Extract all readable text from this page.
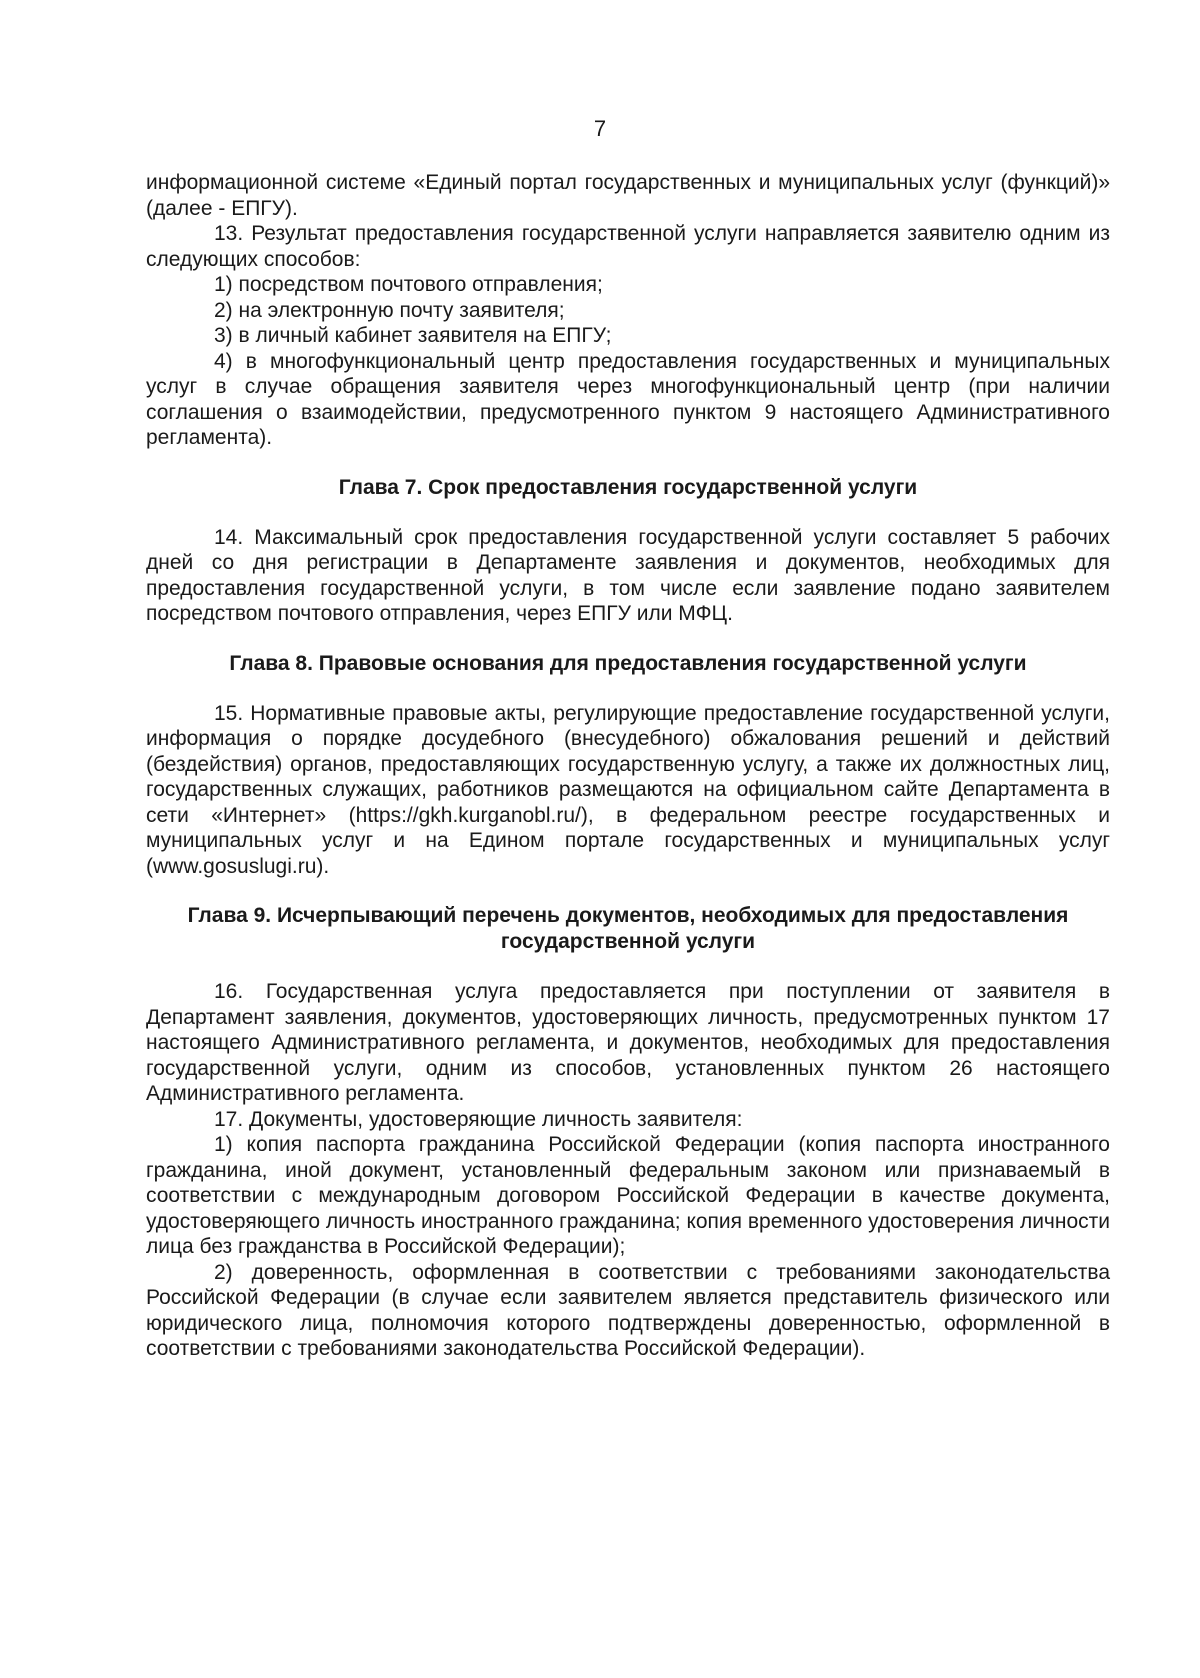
7

информационной системе «Единый портал государственных и муниципальных услуг (функций)» (далее - ЕПГУ).

13. Результат предоставления государственной услуги направляется заявителю одним из следующих способов:

1) посредством почтового отправления;

2) на электронную почту заявителя;

3) в личный кабинет заявителя на ЕПГУ;

4) в многофункциональный центр предоставления государственных и муниципальных услуг в случае обращения заявителя через многофункциональный центр (при наличии соглашения о взаимодействии, предусмотренного пунктом 9 настоящего Административного регламента).

Глава 7. Срок предоставления государственной услуги

14. Максимальный срок предоставления государственной услуги составляет 5 рабочих дней со дня регистрации в Департаменте заявления и документов, необходимых для предоставления государственной услуги, в том числе если заявление подано заявителем посредством почтового отправления, через ЕПГУ или МФЦ.

Глава 8. Правовые основания для предоставления государственной услуги

15. Нормативные правовые акты, регулирующие предоставление государственной услуги, информация о порядке досудебного (внесудебного) обжалования решений и действий (бездействия) органов, предоставляющих государственную услугу, а также их должностных лиц, государственных служащих, работников размещаются на официальном сайте Департамента в сети «Интернет» (https://gkh.kurganobl.ru/), в федеральном реестре государственных и муниципальных услуг и на Едином портале государственных и муниципальных услуг (www.gosuslugi.ru).

Глава 9. Исчерпывающий перечень документов, необходимых для предоставления

государственной услуги

16. Государственная услуга предоставляется при поступлении от заявителя в Департамент заявления, документов, удостоверяющих личность, предусмотренных пунктом 17 настоящего Административного регламента, и документов, необходимых для предоставления государственной услуги, одним из способов, установленных пунктом 26 настоящего Административного регламента.

17. Документы, удостоверяющие личность заявителя:

1) копия паспорта гражданина Российской Федерации (копия паспорта иностранного гражданина, иной документ, установленный федеральным законом или признаваемый в соответствии с международным договором Российской Федерации в качестве документа, удостоверяющего личность иностранного гражданина; копия временного удостоверения личности лица без гражданства в Российской Федерации);

2) доверенность, оформленная в соответствии с требованиями законодательства Российской Федерации (в случае если заявителем является представитель физического или юридического лица, полномочия которого подтверждены доверенностью, оформленной в соответствии с требованиями законодательства Российской Федерации).
